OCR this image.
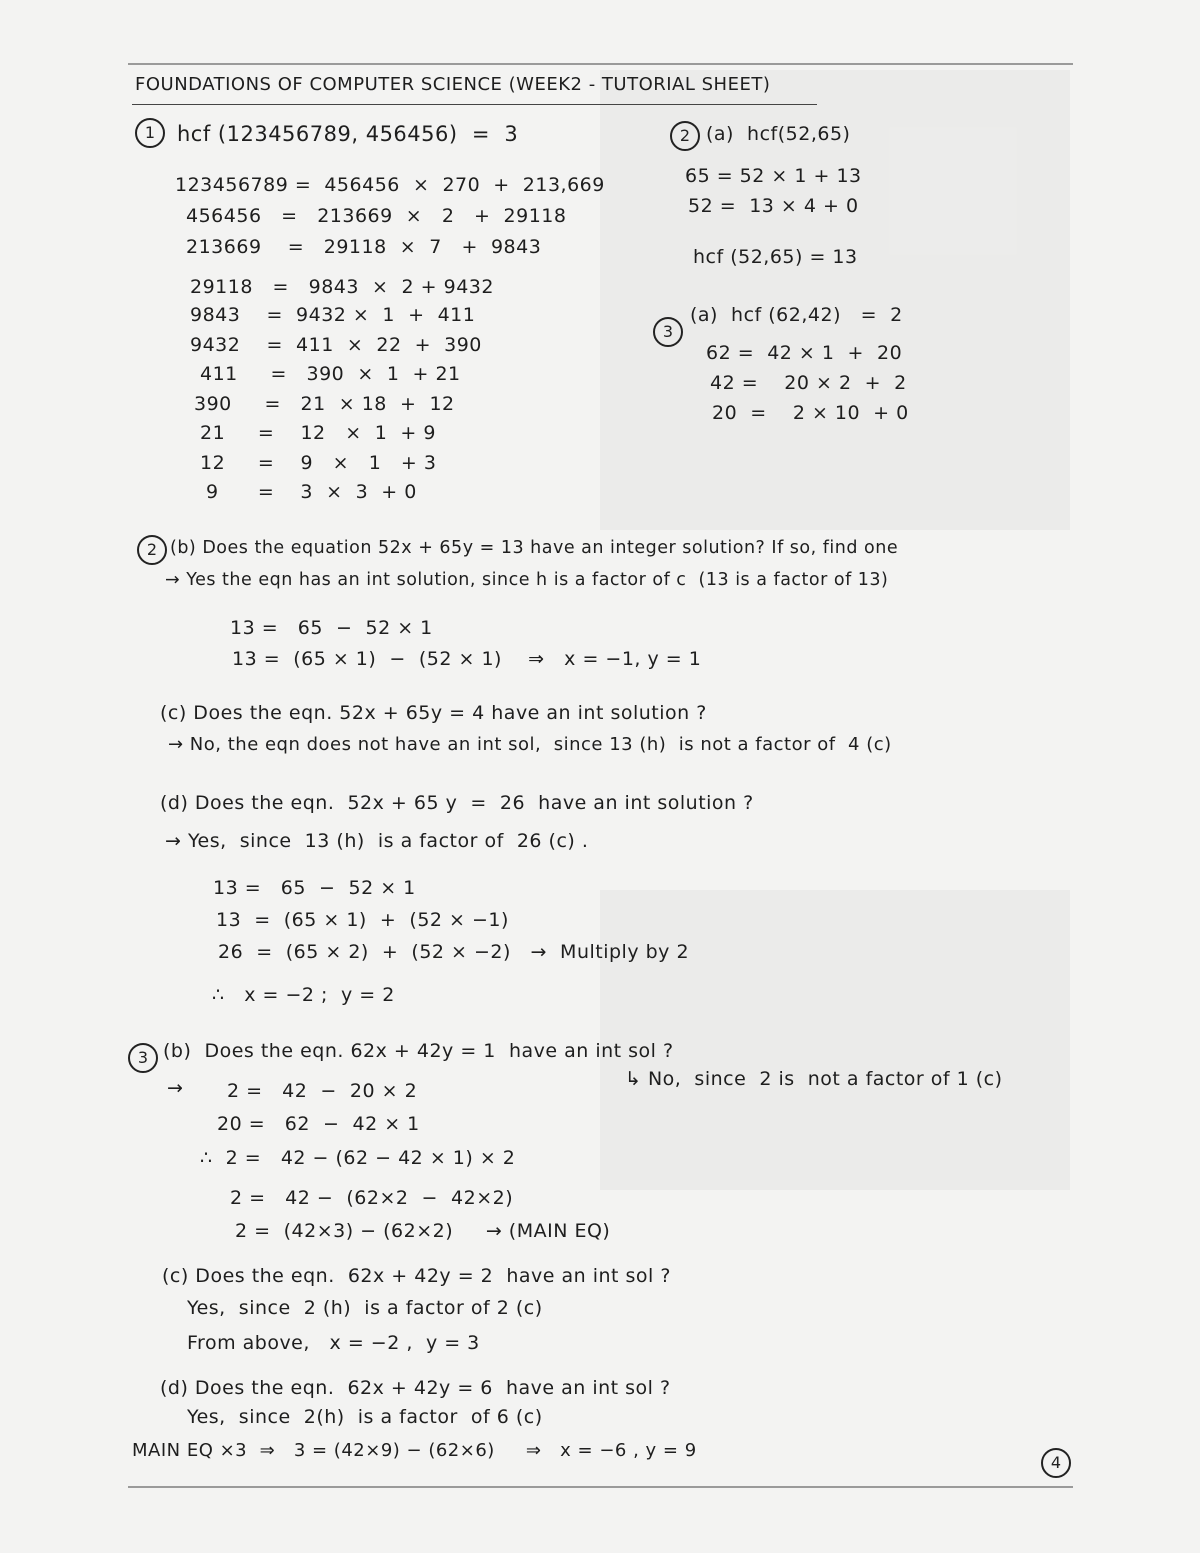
FOUNDATIONS OF COMPUTER SCIENCE (WEEK2 - TUTORIAL SHEET)
1	hcf (123456789, 456456)  =  3
123456789 =  456456  ×  270  +  213,669
456456   =   213669  ×   2   +  29118
213669    =   29118  ×  7   +  9843
29118   =   9843  ×  2 + 9432
9843    =  9432 ×  1  +  411
9432    =  411  ×  22  +  390
411     =   390  ×  1  + 21
390     =   21  × 18  +  12
21     =    12   ×  1  + 9
12     =    9   ×   1   + 3
9      =    3  ×  3  + 0
2 (a)  hcf(52,65)
65 = 52 × 1 + 13
52 =  13 × 4 + 0
hcf (52,65) = 13
3
(a)  hcf (62,42)   =  2
62 =  42 × 1  +  20
42 =    20 × 2  +  2
20  =    2 × 10  + 0
2 (b) Does the equation 52x + 65y = 13 have an integer solution? If so, find one
→ Yes the eqn has an int solution, since h is a factor of c  (13 is a factor of 13)
13 =   65  −  52 × 1
13 =  (65 × 1)  −  (52 × 1)    ⇒   x = −1, y = 1
(c) Does the eqn. 52x + 65y = 4 have an int solution ?
→ No, the eqn does not have an int sol,  since 13 (h)  is not a factor of  4 (c)
(d) Does the eqn.  52x + 65 y  =  26  have an int solution ?
→ Yes,  since  13 (h)  is a factor of  26 (c) .
13 =   65  −  52 × 1
13  =  (65 × 1)  +  (52 × −1)
26  =  (65 × 2)  +  (52 × −2)   →  Multiply by 2
∴   x = −2 ;  y = 2
3 (b)  Does the eqn. 62x + 42y = 1  have an int sol ?
↳ No,  since  2 is  not a factor of 1 (c)
→ 2 =   42  −  20 × 2
20 =   62  −  42 × 1
∴  2 =   42 − (62 − 42 × 1) × 2
2 =   42 −  (62×2  −  42×2)
2 =  (42×3) − (62×2)     → (MAIN EQ)
(c) Does the eqn.  62x + 42y = 2  have an int sol ?
Yes,  since  2 (h)  is a factor of 2 (c)
From above,   x = −2 ,  y = 3
(d) Does the eqn.  62x + 42y = 6  have an int sol ?
Yes,  since  2(h)  is a factor  of 6 (c)
MAIN EQ ×3  ⇒   3 = (42×9) − (62×6)     ⇒   x = −6 , y = 9
4
